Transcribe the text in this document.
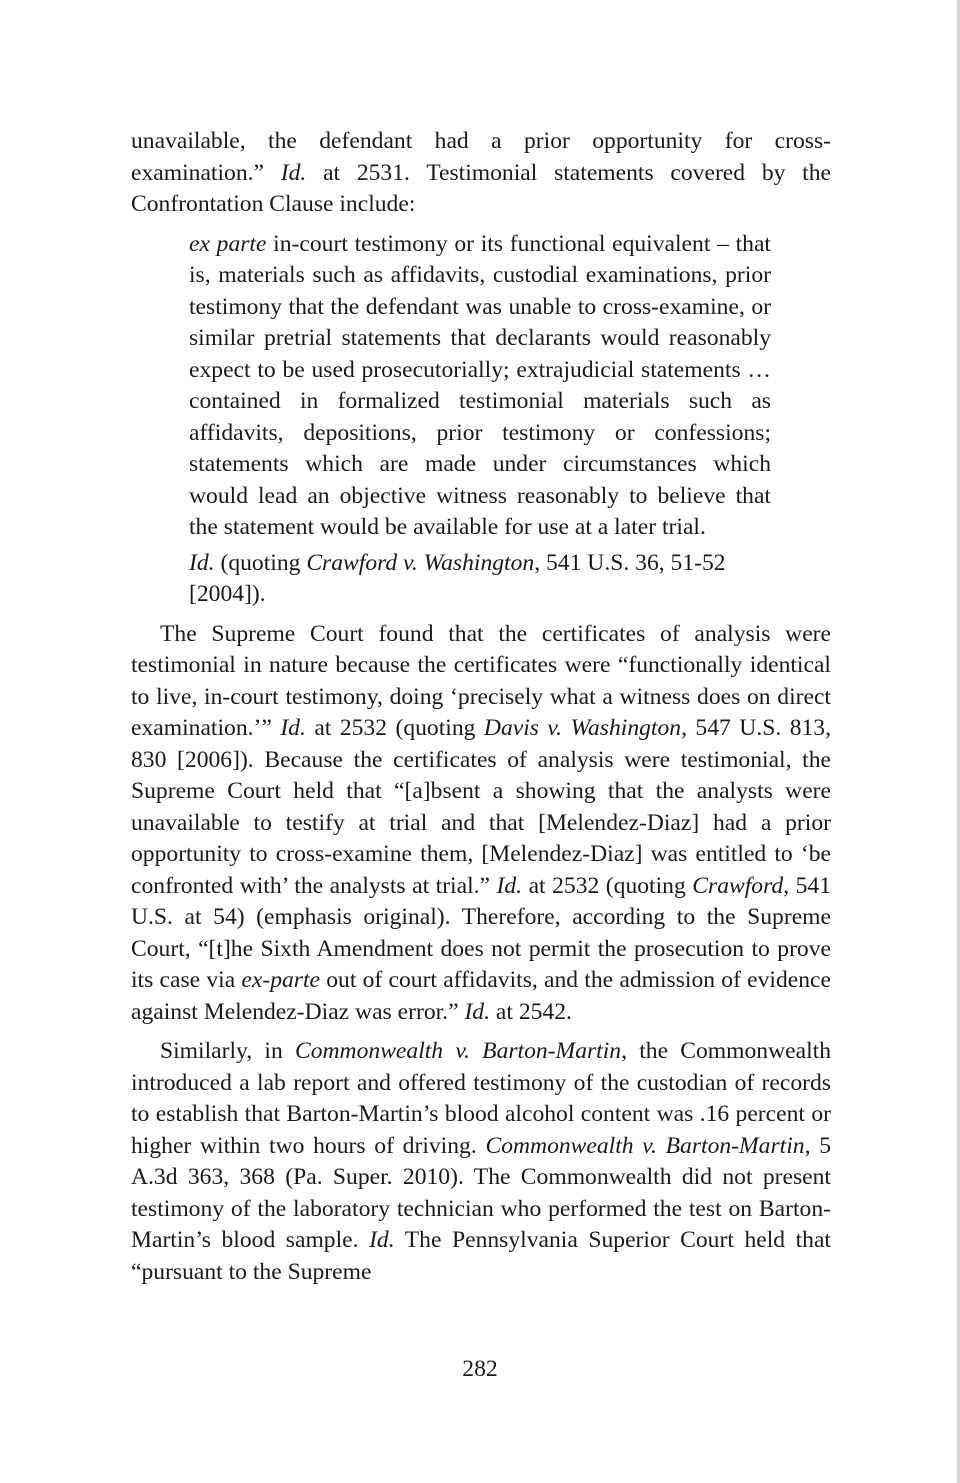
unavailable, the defendant had a prior opportunity for cross-examination.” Id. at 2531. Testimonial statements covered by the Confrontation Clause include:

ex parte in-court testimony or its functional equivalent – that is, materials such as affidavits, custodial examinations, prior testimony that the defendant was unable to cross-examine, or similar pretrial statements that declarants would reasonably expect to be used prosecutorially; extrajudicial statements … contained in formalized testimonial materials such as affidavits, depositions, prior testimony or confessions; statements which are made under circumstances which would lead an objective witness reasonably to believe that the statement would be available for use at a later trial.

Id. (quoting Crawford v. Washington, 541 U.S. 36, 51-52 [2004]).

The Supreme Court found that the certificates of analysis were testimonial in nature because the certificates were “functionally identical to live, in-court testimony, doing ‘precisely what a witness does on direct examination.’” Id. at 2532 (quoting Davis v. Washington, 547 U.S. 813, 830 [2006]). Because the certificates of analysis were testimonial, the Supreme Court held that “[a]bsent a showing that the analysts were unavailable to testify at trial and that [Melendez-Diaz] had a prior opportunity to cross-examine them, [Melendez-Diaz] was entitled to ‘be confronted with’ the analysts at trial.” Id. at 2532 (quoting Crawford, 541 U.S. at 54) (emphasis original). Therefore, according to the Supreme Court, “[t]he Sixth Amendment does not permit the prosecution to prove its case via ex-parte out of court affidavits, and the admission of evidence against Melendez-Diaz was error.” Id. at 2542.

Similarly, in Commonwealth v. Barton-Martin, the Commonwealth introduced a lab report and offered testimony of the custodian of records to establish that Barton-Martin’s blood alcohol content was .16 percent or higher within two hours of driving. Commonwealth v. Barton-Martin, 5 A.3d 363, 368 (Pa. Super. 2010). The Commonwealth did not present testimony of the laboratory technician who performed the test on Barton-Martin’s blood sample. Id. The Pennsylvania Superior Court held that “pursuant to the Supreme

282
